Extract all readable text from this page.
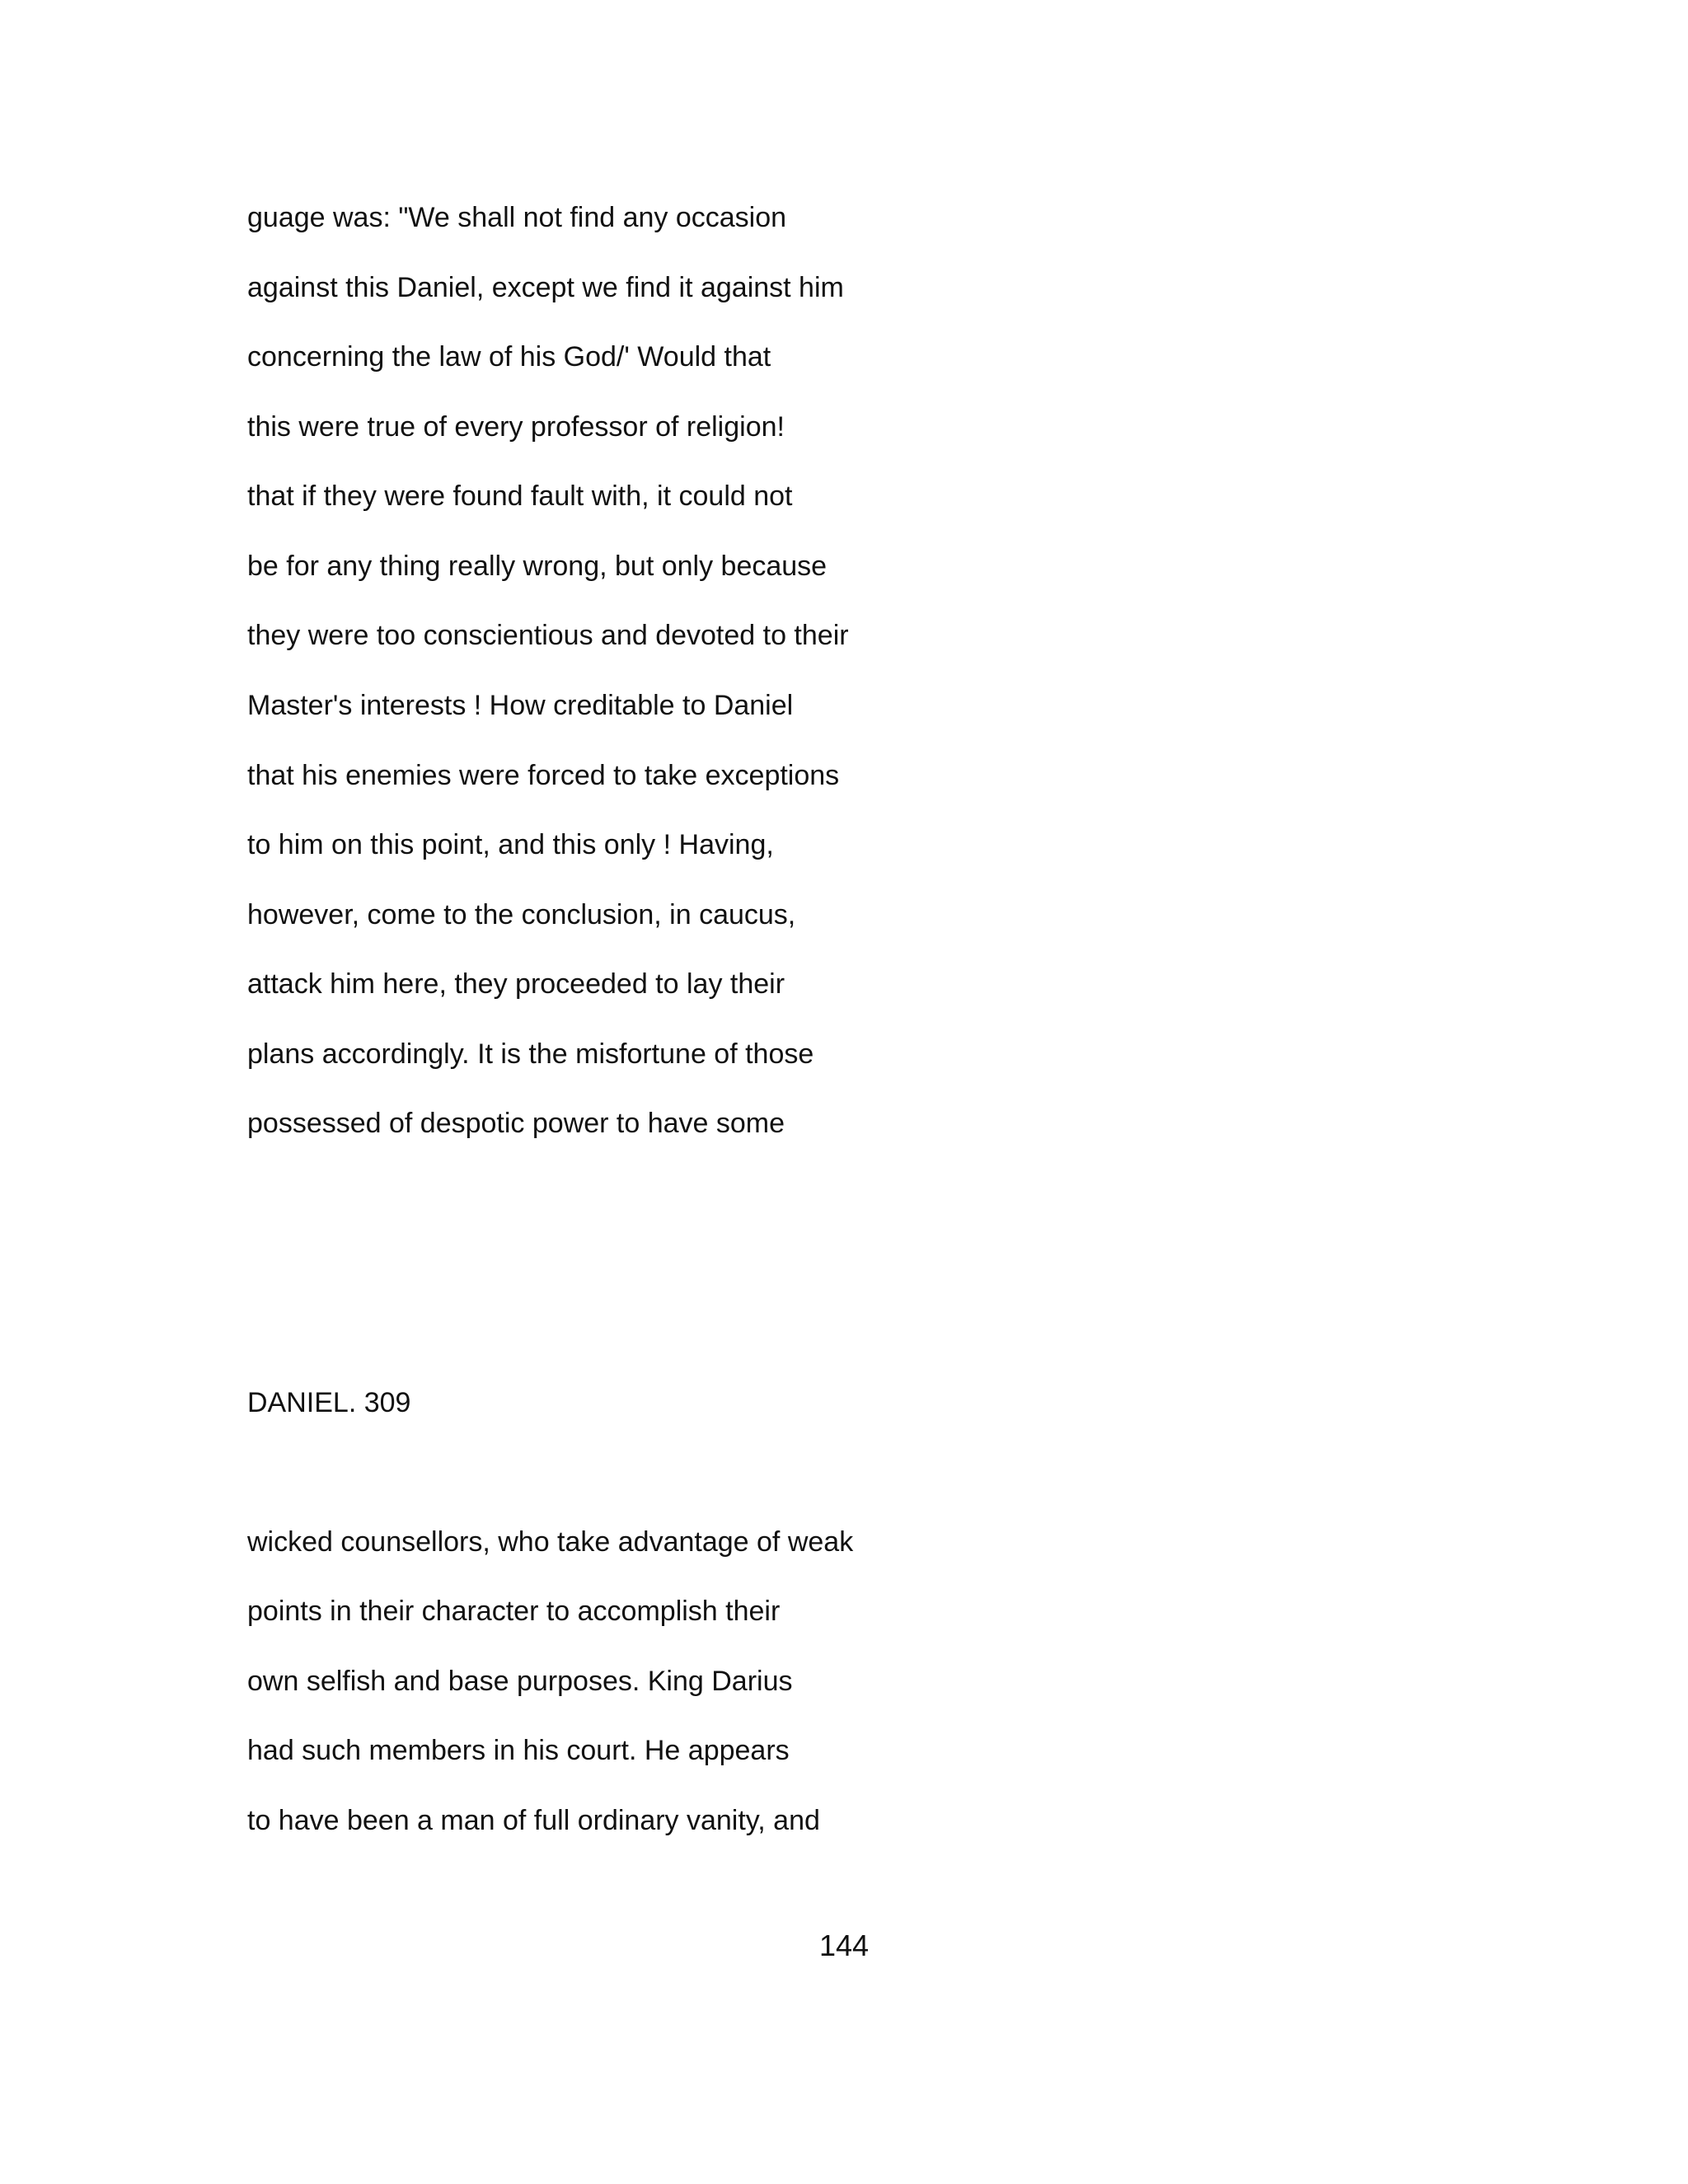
guage was: "We shall not find any occasion
against this Daniel, except we find it against him
concerning the law of his God/' Would that
this were true of every professor of religion!
that if they were found fault with, it could not
be for any thing really wrong, but only because
they were too conscientious and devoted to their
Master's interests ! How creditable to Daniel
that his enemies were forced to take exceptions
to him on this point, and this only ! Having,
however, come to the conclusion, in caucus,
attack him here, they proceeded to lay their
plans accordingly. It is the misfortune of those
possessed of despotic power to have some
DANIEL. 309
wicked counsellors, who take advantage of weak
points in their character to accomplish their
own selfish and base purposes. King Darius
had such members in his court. He appears
to have been a man of full ordinary vanity, and
144
